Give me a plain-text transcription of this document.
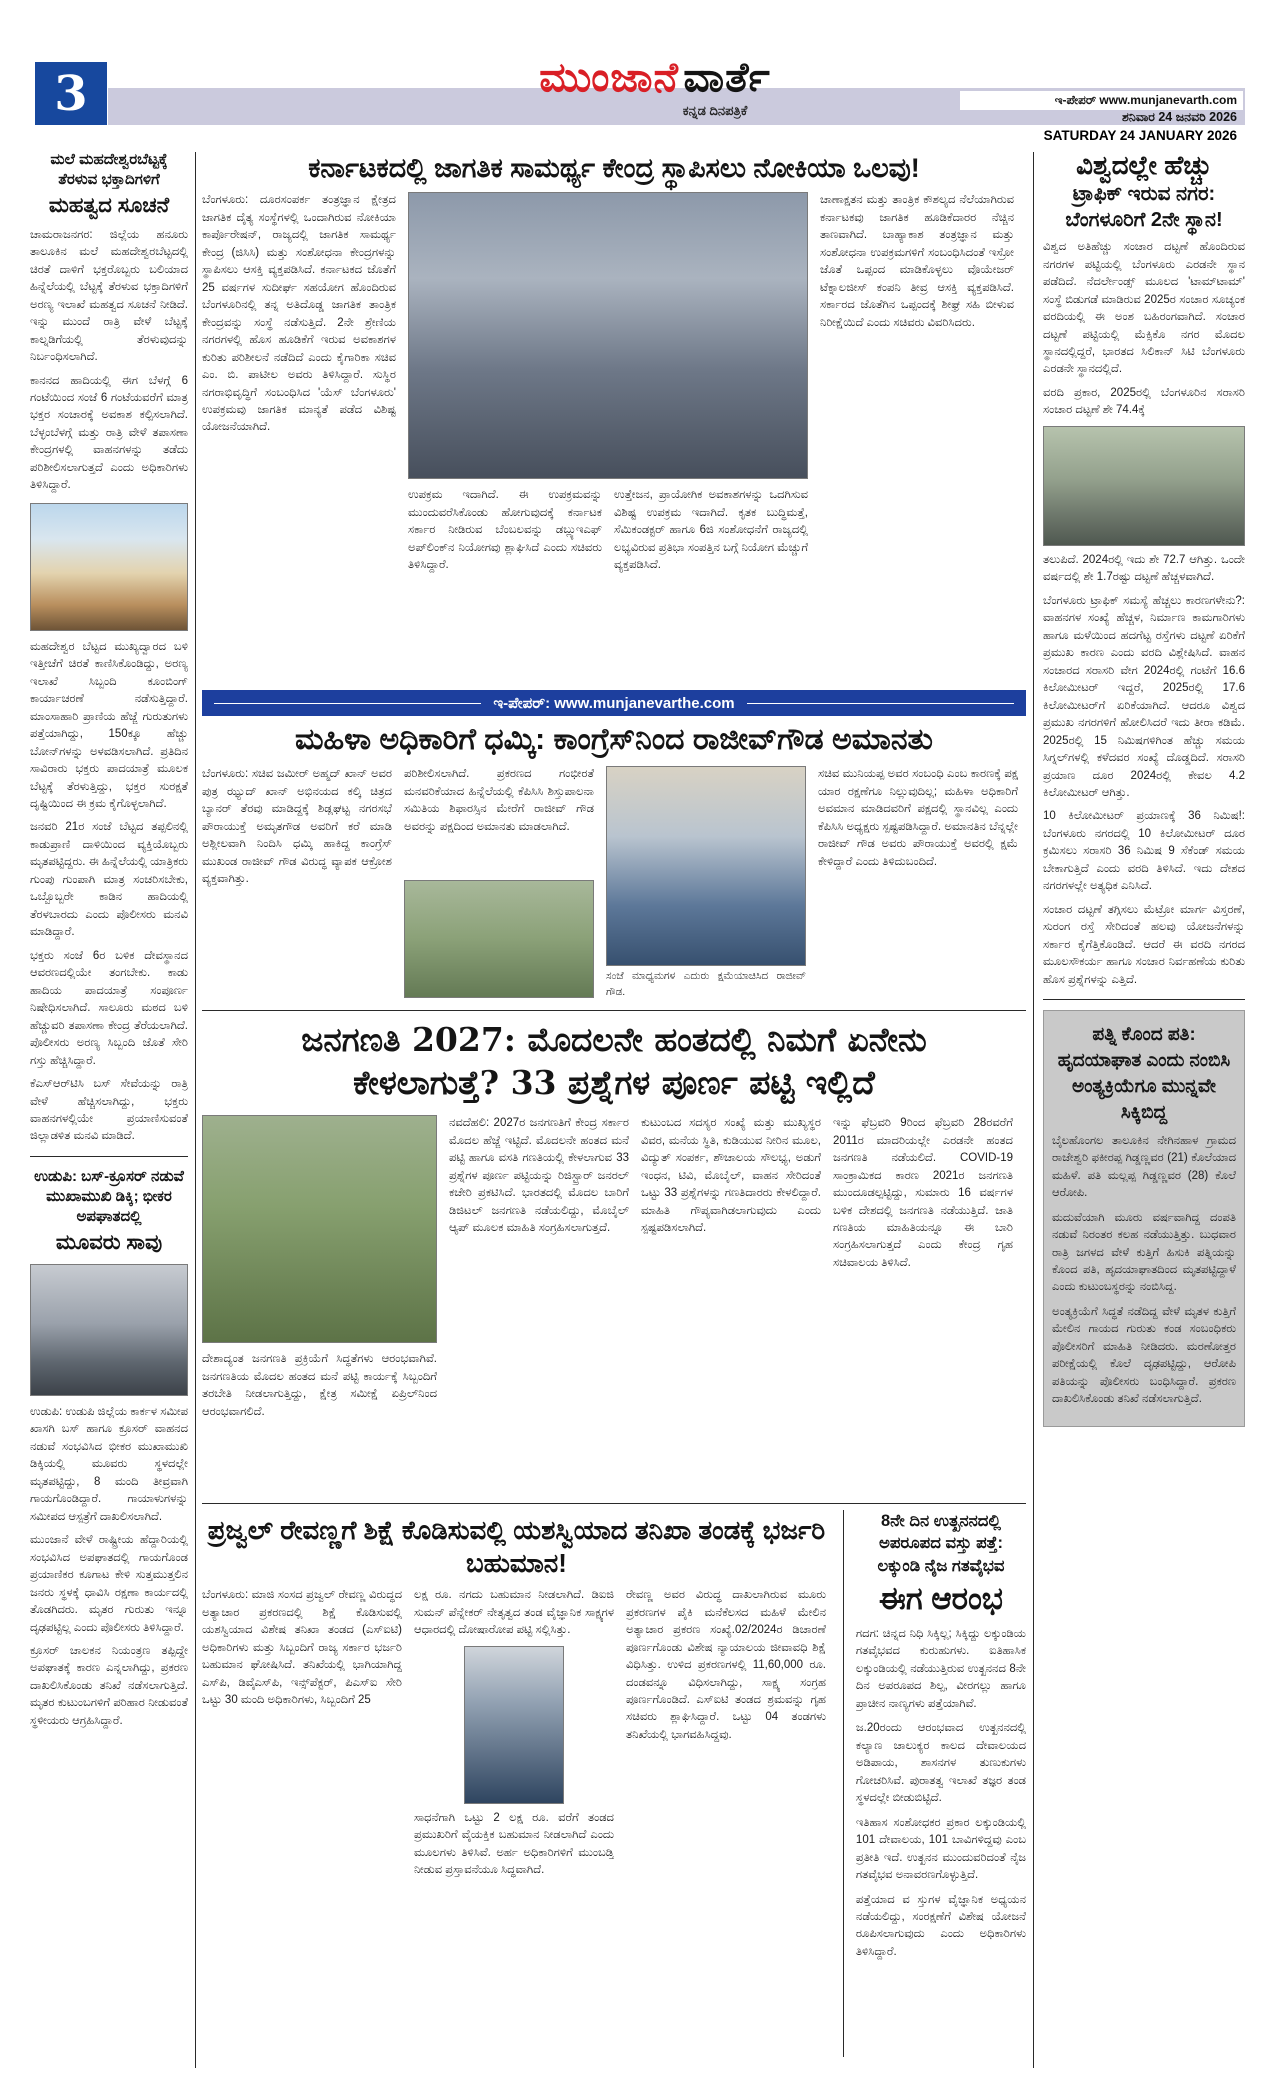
3	ಮುಂಜಾನೆ ವಾರ್ತೆ
ಕನ್ನಡ ದಿನಪತ್ರಿಕೆ
ಇ-ಪೇಪರ್ www.munjanevarth.com
ಶನಿವಾರ 24 ಜನವರಿ 2026
SATURDAY 24 JANUARY 2026
ಮಲೆ ಮಹದೇಶ್ವರಬೆಟ್ಟಕ್ಕೆ ತೆರಳುವ ಭಕ್ತಾದಿಗಳಿಗೆ
ಮಹತ್ವದ ಸೂಚನೆ
ಚಾಮರಾಜನಗರ: ಜಿಲ್ಲೆಯ ಹನೂರು ತಾಲೂಕಿನ ಮಲೆ ಮಹದೇಶ್ವರಬೆಟ್ಟದಲ್ಲಿ ಚಿರತೆ ದಾಳಿಗೆ ಭಕ್ತರೊಬ್ಬರು ಬಲಿಯಾದ ಹಿನ್ನೆಲೆಯಲ್ಲಿ ಬೆಟ್ಟಕ್ಕೆ ತೆರಳುವ ಭಕ್ತಾದಿಗಳಿಗೆ ಅರಣ್ಯ ಇಲಾಖೆ ಮಹತ್ವದ ಸೂಚನೆ ನೀಡಿದೆ. ಇನ್ನು ಮುಂದೆ ರಾತ್ರಿ ವೇಳೆ ಬೆಟ್ಟಕ್ಕೆ ಕಾಲ್ನಡಿಗೆಯಲ್ಲಿ ತೆರಳುವುದನ್ನು ನಿರ್ಬಂಧಿಸಲಾಗಿದೆ.
ಕಾನನದ ಹಾದಿಯಲ್ಲಿ ಈಗ ಬೆಳಗ್ಗೆ 6 ಗಂಟೆಯಿಂದ ಸಂಜೆ 6 ಗಂಟೆಯವರೆಗೆ ಮಾತ್ರ ಭಕ್ತರ ಸಂಚಾರಕ್ಕೆ ಅವಕಾಶ ಕಲ್ಪಿಸಲಾಗಿದೆ. ಬೆಳ್ಳಂಬೆಳಗ್ಗೆ ಮತ್ತು ರಾತ್ರಿ ವೇಳೆ ತಪಾಸಣಾ ಕೇಂದ್ರಗಳಲ್ಲಿ ವಾಹನಗಳನ್ನು ತಡೆದು ಪರಿಶೀಲಿಸಲಾಗುತ್ತದೆ ಎಂದು ಅಧಿಕಾರಿಗಳು ತಿಳಿಸಿದ್ದಾರೆ.
ಮಹದೇಶ್ವರ ಬೆಟ್ಟದ ಮುಖ್ಯದ್ವಾರದ ಬಳಿ ಇತ್ತೀಚೆಗೆ ಚಿರತೆ ಕಾಣಿಸಿಕೊಂಡಿದ್ದು, ಅರಣ್ಯ ಇಲಾಖೆ ಸಿಬ್ಬಂದಿ ಕೂಂಬಿಂಗ್ ಕಾರ್ಯಾಚರಣೆ ನಡೆಸುತ್ತಿದ್ದಾರೆ. ಮಾಂಸಾಹಾರಿ ಪ್ರಾಣಿಯ ಹೆಜ್ಜೆ ಗುರುತುಗಳು ಪತ್ತೆಯಾಗಿದ್ದು, 150ಕ್ಕೂ ಹೆಚ್ಚು ಬೋನ್‌ಗಳನ್ನು ಅಳವಡಿಸಲಾಗಿದೆ. ಪ್ರತಿದಿನ ಸಾವಿರಾರು ಭಕ್ತರು ಪಾದಯಾತ್ರೆ ಮೂಲಕ ಬೆಟ್ಟಕ್ಕೆ ತೆರಳುತ್ತಿದ್ದು, ಭಕ್ತರ ಸುರಕ್ಷತೆ ದೃಷ್ಟಿಯಿಂದ ಈ ಕ್ರಮ ಕೈಗೊಳ್ಳಲಾಗಿದೆ.
ಜನವರಿ 21ರ ಸಂಜೆ ಬೆಟ್ಟದ ತಪ್ಪಲಿನಲ್ಲಿ ಕಾಡುಪ್ರಾಣಿ ದಾಳಿಯಿಂದ ವ್ಯಕ್ತಿಯೊಬ್ಬರು ಮೃತಪಟ್ಟಿದ್ದರು. ಈ ಹಿನ್ನೆಲೆಯಲ್ಲಿ ಯಾತ್ರಿಕರು ಗುಂಪು ಗುಂಪಾಗಿ ಮಾತ್ರ ಸಂಚರಿಸಬೇಕು, ಒಬ್ಬೊಬ್ಬರೇ ಕಾಡಿನ ಹಾದಿಯಲ್ಲಿ ತೆರಳಬಾರದು ಎಂದು ಪೊಲೀಸರು ಮನವಿ ಮಾಡಿದ್ದಾರೆ.
ಭಕ್ತರು ಸಂಜೆ 6ರ ಬಳಿಕ ದೇವಸ್ಥಾನದ ಆವರಣದಲ್ಲಿಯೇ ತಂಗಬೇಕು. ಕಾಡು ಹಾದಿಯ ಪಾದಯಾತ್ರೆ ಸಂಪೂರ್ಣ ನಿಷೇಧಿಸಲಾಗಿದೆ. ಸಾಲೂರು ಮಠದ ಬಳಿ ಹೆಚ್ಚುವರಿ ತಪಾಸಣಾ ಕೇಂದ್ರ ತೆರೆಯಲಾಗಿದೆ. ಪೊಲೀಸರು ಅರಣ್ಯ ಸಿಬ್ಬಂದಿ ಜೊತೆ ಸೇರಿ ಗಸ್ತು ಹೆಚ್ಚಿಸಿದ್ದಾರೆ.
ಕೆಎಸ್ಆರ್‌ಟಿಸಿ ಬಸ್ ಸೇವೆಯನ್ನು ರಾತ್ರಿ ವೇಳೆ ಹೆಚ್ಚಿಸಲಾಗಿದ್ದು, ಭಕ್ತರು ವಾಹನಗಳಲ್ಲಿಯೇ ಪ್ರಯಾಣಿಸುವಂತೆ ಜಿಲ್ಲಾಡಳಿತ ಮನವಿ ಮಾಡಿದೆ.
ಉಡುಪಿ: ಬಸ್-ಕ್ರೂಸರ್ ನಡುವೆ ಮುಖಾಮುಖಿ ಡಿಕ್ಕಿ; ಭೀಕರ ಅಪಘಾತದಲ್ಲಿ
ಮೂವರು ಸಾವು
ಉಡುಪಿ: ಉಡುಪಿ ಜಿಲ್ಲೆಯ ಕಾರ್ಕಳ ಸಮೀಪ ಖಾಸಗಿ ಬಸ್ ಹಾಗೂ ಕ್ರೂಸರ್ ವಾಹನದ ನಡುವೆ ಸಂಭವಿಸಿದ ಭೀಕರ ಮುಖಾಮುಖಿ ಡಿಕ್ಕಿಯಲ್ಲಿ ಮೂವರು ಸ್ಥಳದಲ್ಲೇ ಮೃತಪಟ್ಟಿದ್ದು, 8 ಮಂದಿ ತೀವ್ರವಾಗಿ ಗಾಯಗೊಂಡಿದ್ದಾರೆ. ಗಾಯಾಳುಗಳನ್ನು ಸಮೀಪದ ಆಸ್ಪತ್ರೆಗೆ ದಾಖಲಿಸಲಾಗಿದೆ.
ಮುಂಜಾನೆ ವೇಳೆ ರಾಷ್ಟ್ರೀಯ ಹೆದ್ದಾರಿಯಲ್ಲಿ ಸಂಭವಿಸಿದ ಅಪಘಾತದಲ್ಲಿ ಗಾಯಗೊಂಡ ಪ್ರಯಾಣಿಕರ ಕೂಗಾಟ ಕೇಳಿ ಸುತ್ತಮುತ್ತಲಿನ ಜನರು ಸ್ಥಳಕ್ಕೆ ಧಾವಿಸಿ ರಕ್ಷಣಾ ಕಾರ್ಯದಲ್ಲಿ ತೊಡಗಿದರು. ಮೃತರ ಗುರುತು ಇನ್ನೂ ದೃಢಪಟ್ಟಿಲ್ಲ ಎಂದು ಪೊಲೀಸರು ತಿಳಿಸಿದ್ದಾರೆ.
ಕ್ರೂಸರ್ ಚಾಲಕನ ನಿಯಂತ್ರಣ ತಪ್ಪಿದ್ದೇ ಅಪಘಾತಕ್ಕೆ ಕಾರಣ ಎನ್ನಲಾಗಿದ್ದು, ಪ್ರಕರಣ ದಾಖಲಿಸಿಕೊಂಡು ತನಿಖೆ ನಡೆಸಲಾಗುತ್ತಿದೆ. ಮೃತರ ಕುಟುಂಬಗಳಿಗೆ ಪರಿಹಾರ ನೀಡುವಂತೆ ಸ್ಥಳೀಯರು ಆಗ್ರಹಿಸಿದ್ದಾರೆ.
ಕರ್ನಾಟಕದಲ್ಲಿ ಜಾಗತಿಕ ಸಾಮರ್ಥ್ಯ ಕೇಂದ್ರ ಸ್ಥಾಪಿಸಲು ನೋಕಿಯಾ ಒಲವು!
ಬೆಂಗಳೂರು: ದೂರಸಂಪರ್ಕ ತಂತ್ರಜ್ಞಾನ ಕ್ಷೇತ್ರದ ಜಾಗತಿಕ ದೈತ್ಯ ಸಂಸ್ಥೆಗಳಲ್ಲಿ ಒಂದಾಗಿರುವ ನೋಕಿಯಾ ಕಾರ್ಪೊರೇಷನ್, ರಾಜ್ಯದಲ್ಲಿ ಜಾಗತಿಕ ಸಾಮರ್ಥ್ಯ ಕೇಂದ್ರ (ಜಿಸಿಸಿ) ಮತ್ತು ಸಂಶೋಧನಾ ಕೇಂದ್ರಗಳನ್ನು ಸ್ಥಾಪಿಸಲು ಆಸಕ್ತಿ ವ್ಯಕ್ತಪಡಿಸಿದೆ. ಕರ್ನಾಟಕದ ಜೊತೆಗೆ 25 ವರ್ಷಗಳ ಸುದೀರ್ಘ ಸಹಯೋಗ ಹೊಂದಿರುವ ಬೆಂಗಳೂರಿನಲ್ಲಿ ತನ್ನ ಅತಿದೊಡ್ಡ ಜಾಗತಿಕ ತಾಂತ್ರಿಕ ಕೇಂದ್ರವನ್ನು ಸಂಸ್ಥೆ ನಡೆಸುತ್ತಿದೆ. 2ನೇ ಶ್ರೇಣಿಯ ನಗರಗಳಲ್ಲಿ ಹೊಸ ಹೂಡಿಕೆಗೆ ಇರುವ ಅವಕಾಶಗಳ ಕುರಿತು ಪರಿಶೀಲನೆ ನಡೆದಿದೆ ಎಂದು ಕೈಗಾರಿಕಾ ಸಚಿವ ಎಂ. ಬಿ. ಪಾಟೀಲ ಅವರು ತಿಳಿಸಿದ್ದಾರೆ. ಸುಸ್ಥಿರ ನಗರಾಭಿವೃದ್ಧಿಗೆ ಸಂಬಂಧಿಸಿದ 'ಯೆಸ್ ಬೆಂಗಳೂರು' ಉಪಕ್ರಮವು ಜಾಗತಿಕ ಮಾನ್ಯತೆ ಪಡೆದ ವಿಶಿಷ್ಟ ಯೋಜನೆಯಾಗಿದೆ.
ಉಪಕ್ರಮ ಇದಾಗಿದೆ. ಈ ಉಪಕ್ರಮವನ್ನು ಮುಂದುವರೆಸಿಕೊಂಡು ಹೋಗುವುದಕ್ಕೆ ಕರ್ನಾಟಕ ಸರ್ಕಾರ ನೀಡಿರುವ ಬೆಂಬಲವನ್ನು ಡಬ್ಲ್ಯುಇಎಫ್ ಅಪ್‌ಲಿಂಕ್‌ನ ನಿಯೋಗವು ಶ್ಲಾಘಿಸಿದೆ ಎಂದು ಸಚಿವರು ತಿಳಿಸಿದ್ದಾರೆ.
ಉತ್ತೇಜನ, ಪ್ರಾಯೋಗಿಕ ಅವಕಾಶಗಳನ್ನು ಒದಗಿಸುವ ವಿಶಿಷ್ಟ ಉಪಕ್ರಮ ಇದಾಗಿದೆ. ಕೃತಕ ಬುದ್ಧಿಮತ್ತೆ, ಸೆಮಿಕಂಡಕ್ಟರ್ ಹಾಗೂ 6ಜಿ ಸಂಶೋಧನೆಗೆ ರಾಜ್ಯದಲ್ಲಿ ಲಭ್ಯವಿರುವ ಪ್ರತಿಭಾ ಸಂಪತ್ತಿನ ಬಗ್ಗೆ ನಿಯೋಗ ಮೆಚ್ಚುಗೆ ವ್ಯಕ್ತಪಡಿಸಿದೆ.
ಚಾಣಾಕ್ಷತನ ಮತ್ತು ತಾಂತ್ರಿಕ ಕೌಶಲ್ಯದ ನೆಲೆಯಾಗಿರುವ ಕರ್ನಾಟಕವು ಜಾಗತಿಕ ಹೂಡಿಕೆದಾರರ ನೆಚ್ಚಿನ ತಾಣವಾಗಿದೆ. ಬಾಹ್ಯಾಕಾಶ ತಂತ್ರಜ್ಞಾನ ಮತ್ತು ಸಂಶೋಧನಾ ಉಪಕ್ರಮಗಳಿಗೆ ಸಂಬಂಧಿಸಿದಂತೆ ಇಸ್ರೋ ಜೊತೆ ಒಪ್ಪಂದ ಮಾಡಿಕೊಳ್ಳಲು ವೊಯೇಜರ್ ಟೆಕ್ನಾಲಜೀಸ್ ಕಂಪನಿ ತೀವ್ರ ಆಸಕ್ತಿ ವ್ಯಕ್ತಪಡಿಸಿದೆ. ಸರ್ಕಾರದ ಜೊತೆಗಿನ ಒಪ್ಪಂದಕ್ಕೆ ಶೀಘ್ರ ಸಹಿ ಬೀಳುವ ನಿರೀಕ್ಷೆಯಿದೆ ಎಂದು ಸಚಿವರು ವಿವರಿಸಿದರು.
ಇ-ಪೇಪರ್: www.munjanevarthe.com
ಮಹಿಳಾ ಅಧಿಕಾರಿಗೆ ಧಮ್ಕಿ: ಕಾಂಗ್ರೆಸ್‌ನಿಂದ ರಾಜೀವ್‌ಗೌಡ ಅಮಾನತು
ಬೆಂಗಳೂರು: ಸಚಿವ ಜಮೀರ್ ಅಹ್ಮದ್ ಖಾನ್ ಅವರ ಪುತ್ರ ಝ್ಯುದ್ ಖಾನ್ ಅಭಿನಯದ ಕಲ್ಕಿ ಚಿತ್ರದ ಬ್ಯಾನರ್ ತೆರವು ಮಾಡಿದ್ದಕ್ಕೆ ಶಿಡ್ಲಘಟ್ಟ ನಗರಸಭೆ ಪೌರಾಯುಕ್ತೆ ಅಮೃತಗೌಡ ಅವರಿಗೆ ಕರೆ ಮಾಡಿ ಅಶ್ಲೀಲವಾಗಿ ನಿಂದಿಸಿ ಧಮ್ಕಿ ಹಾಕಿದ್ದ ಕಾಂಗ್ರೆಸ್ ಮುಖಂಡ ರಾಜೀವ್ ಗೌಡ ವಿರುದ್ಧ ವ್ಯಾಪಕ ಆಕ್ರೋಶ ವ್ಯಕ್ತವಾಗಿತ್ತು.
ಪರಿಶೀಲಿಸಲಾಗಿದೆ. ಪ್ರಕರಣದ ಗಂಭೀರತೆ ಮನವರಿಕೆಯಾದ ಹಿನ್ನೆಲೆಯಲ್ಲಿ ಕೆಪಿಸಿಸಿ ಶಿಸ್ತುಪಾಲನಾ ಸಮಿತಿಯ ಶಿಫಾರಸ್ಸಿನ ಮೇರೆಗೆ ರಾಜೀವ್ ಗೌಡ ಅವರನ್ನು ಪಕ್ಷದಿಂದ ಅಮಾನತು ಮಾಡಲಾಗಿದೆ.
ಸಂಜೆ ಮಾಧ್ಯಮಗಳ ಎದುರು ಕ್ಷಮೆಯಾಚಿಸಿದ ರಾಜೀವ್ ಗೌಡ.
ಸಚಿವ ಮುನಿಯಪ್ಪ ಅವರ ಸಂಬಂಧಿ ಎಂಬ ಕಾರಣಕ್ಕೆ ಪಕ್ಷ ಯಾರ ರಕ್ಷಣೆಗೂ ನಿಲ್ಲುವುದಿಲ್ಲ; ಮಹಿಳಾ ಅಧಿಕಾರಿಗೆ ಅವಮಾನ ಮಾಡಿದವರಿಗೆ ಪಕ್ಷದಲ್ಲಿ ಸ್ಥಾನವಿಲ್ಲ ಎಂದು ಕೆಪಿಸಿಸಿ ಅಧ್ಯಕ್ಷರು ಸ್ಪಷ್ಟಪಡಿಸಿದ್ದಾರೆ. ಅಮಾನತಿನ ಬೆನ್ನಲ್ಲೇ ರಾಜೀವ್ ಗೌಡ ಅವರು ಪೌರಾಯುಕ್ತೆ ಅವರಲ್ಲಿ ಕ್ಷಮೆ ಕೇಳಿದ್ದಾರೆ ಎಂದು ತಿಳಿದುಬಂದಿದೆ.
ಜನಗಣತಿ 2027: ಮೊದಲನೇ ಹಂತದಲ್ಲಿ ನಿಮಗೆ ಏನೇನು
ಕೇಳಲಾಗುತ್ತೆ? 33 ಪ್ರಶ್ನೆಗಳ ಪೂರ್ಣ ಪಟ್ಟಿ ಇಲ್ಲಿದೆ
ದೇಶಾದ್ಯಂತ ಜನಗಣತಿ ಪ್ರಕ್ರಿಯೆಗೆ ಸಿದ್ಧತೆಗಳು ಆರಂಭವಾಗಿವೆ. ಜನಗಣತಿಯ ಮೊದಲ ಹಂತದ ಮನೆ ಪಟ್ಟಿ ಕಾರ್ಯಕ್ಕೆ ಸಿಬ್ಬಂದಿಗೆ ತರಬೇತಿ ನೀಡಲಾಗುತ್ತಿದ್ದು, ಕ್ಷೇತ್ರ ಸಮೀಕ್ಷೆ ಏಪ್ರಿಲ್‌ನಿಂದ ಆರಂಭವಾಗಲಿದೆ.
ನವದೆಹಲಿ: 2027ರ ಜನಗಣತಿಗೆ ಕೇಂದ್ರ ಸರ್ಕಾರ ಮೊದಲ ಹೆಜ್ಜೆ ಇಟ್ಟಿದೆ. ಮೊದಲನೇ ಹಂತದ ಮನೆ ಪಟ್ಟಿ ಹಾಗೂ ವಸತಿ ಗಣತಿಯಲ್ಲಿ ಕೇಳಲಾಗುವ 33 ಪ್ರಶ್ನೆಗಳ ಪೂರ್ಣ ಪಟ್ಟಿಯನ್ನು ರಿಜಿಸ್ಟ್ರಾರ್ ಜನರಲ್ ಕಚೇರಿ ಪ್ರಕಟಿಸಿದೆ. ಭಾರತದಲ್ಲಿ ಮೊದಲ ಬಾರಿಗೆ ಡಿಜಿಟಲ್ ಜನಗಣತಿ ನಡೆಯಲಿದ್ದು, ಮೊಬೈಲ್ ಆ್ಯಪ್ ಮೂಲಕ ಮಾಹಿತಿ ಸಂಗ್ರಹಿಸಲಾಗುತ್ತದೆ.
ಕುಟುಂಬದ ಸದಸ್ಯರ ಸಂಖ್ಯೆ ಮತ್ತು ಮುಖ್ಯಸ್ಥರ ವಿವರ, ಮನೆಯ ಸ್ಥಿತಿ, ಕುಡಿಯುವ ನೀರಿನ ಮೂಲ, ವಿದ್ಯುತ್ ಸಂಪರ್ಕ, ಶೌಚಾಲಯ ಸೌಲಭ್ಯ, ಅಡುಗೆ ಇಂಧನ, ಟಿವಿ, ಮೊಬೈಲ್, ವಾಹನ ಸೇರಿದಂತೆ ಒಟ್ಟು 33 ಪ್ರಶ್ನೆಗಳನ್ನು ಗಣತಿದಾರರು ಕೇಳಲಿದ್ದಾರೆ. ಮಾಹಿತಿ ಗೌಪ್ಯವಾಗಿಡಲಾಗುವುದು ಎಂದು ಸ್ಪಷ್ಟಪಡಿಸಲಾಗಿದೆ.
ಇನ್ನು ಫೆಬ್ರವರಿ 9ರಿಂದ ಫೆಬ್ರವರಿ 28ರವರೆಗೆ 2011ರ ಮಾದರಿಯಲ್ಲೇ ಎರಡನೇ ಹಂತದ ಜನಗಣತಿ ನಡೆಯಲಿದೆ. COVID-19 ಸಾಂಕ್ರಾಮಿಕದ ಕಾರಣ 2021ರ ಜನಗಣತಿ ಮುಂದೂಡಲ್ಪಟ್ಟಿದ್ದು, ಸುಮಾರು 16 ವರ್ಷಗಳ ಬಳಿಕ ದೇಶದಲ್ಲಿ ಜನಗಣತಿ ನಡೆಯುತ್ತಿದೆ. ಜಾತಿ ಗಣತಿಯ ಮಾಹಿತಿಯನ್ನೂ ಈ ಬಾರಿ ಸಂಗ್ರಹಿಸಲಾಗುತ್ತದೆ ಎಂದು ಕೇಂದ್ರ ಗೃಹ ಸಚಿವಾಲಯ ತಿಳಿಸಿದೆ.
ಪ್ರಜ್ವಲ್ ರೇವಣ್ಣಗೆ ಶಿಕ್ಷೆ ಕೊಡಿಸುವಲ್ಲಿ ಯಶಸ್ವಿಯಾದ ತನಿಖಾ ತಂಡಕ್ಕೆ ಭರ್ಜರಿ ಬಹುಮಾನ!
ಬೆಂಗಳೂರು: ಮಾಜಿ ಸಂಸದ ಪ್ರಜ್ವಲ್ ರೇವಣ್ಣ ವಿರುದ್ಧದ ಅತ್ಯಾಚಾರ ಪ್ರಕರಣದಲ್ಲಿ ಶಿಕ್ಷೆ ಕೊಡಿಸುವಲ್ಲಿ ಯಶಸ್ವಿಯಾದ ವಿಶೇಷ ತನಿಖಾ ತಂಡದ (ಎಸ್‌ಐಟಿ) ಅಧಿಕಾರಿಗಳು ಮತ್ತು ಸಿಬ್ಬಂದಿಗೆ ರಾಜ್ಯ ಸರ್ಕಾರ ಭರ್ಜರಿ ಬಹುಮಾನ ಘೋಷಿಸಿದೆ. ತನಿಖೆಯಲ್ಲಿ ಭಾಗಿಯಾಗಿದ್ದ ಎಸ್‌ಪಿ, ಡಿವೈಎಸ್‌ಪಿ, ಇನ್ಸ್‌ಪೆಕ್ಟರ್, ಪಿಎಸ್‌ಐ ಸೇರಿ ಒಟ್ಟು 30 ಮಂದಿ ಅಧಿಕಾರಿಗಳು, ಸಿಬ್ಬಂದಿಗೆ 25
ಲಕ್ಷ ರೂ. ನಗದು ಬಹುಮಾನ ನೀಡಲಾಗಿದೆ. ಡಿಐಜಿ ಸುಮನ್ ಪೆನ್ನೇಕರ್ ನೇತೃತ್ವದ ತಂಡ ವೈಜ್ಞಾನಿಕ ಸಾಕ್ಷ್ಯಗಳ ಆಧಾರದಲ್ಲಿ ದೋಷಾರೋಪ ಪಟ್ಟಿ ಸಲ್ಲಿಸಿತ್ತು.
ಸಾಧನೆಗಾಗಿ ಒಟ್ಟು 2 ಲಕ್ಷ ರೂ. ವರೆಗೆ ತಂಡದ ಪ್ರಮುಖರಿಗೆ ವೈಯಕ್ತಿಕ ಬಹುಮಾನ ನೀಡಲಾಗಿದೆ ಎಂದು ಮೂಲಗಳು ತಿಳಿಸಿವೆ. ಅರ್ಹ ಅಧಿಕಾರಿಗಳಿಗೆ ಮುಂಬಡ್ತಿ ನೀಡುವ ಪ್ರಸ್ತಾವನೆಯೂ ಸಿದ್ಧವಾಗಿದೆ.
ರೇವಣ್ಣ ಅವರ ವಿರುದ್ಧ ದಾಖಲಾಗಿರುವ ಮೂರು ಪ್ರಕರಣಗಳ ಪೈಕಿ ಮನೆಕೆಲಸದ ಮಹಿಳೆ ಮೇಲಿನ ಅತ್ಯಾಚಾರ ಪ್ರಕರಣ ಸಂಖ್ಯೆ.02/2024ರ ಡಿಚಾರಣೆ ಪೂರ್ಣಗೊಂಡು ವಿಶೇಷ ನ್ಯಾಯಾಲಯ ಜೀವಾವಧಿ ಶಿಕ್ಷೆ ವಿಧಿಸಿತ್ತು. ಉಳಿದ ಪ್ರಕರಣಗಳಲ್ಲಿ 11,60,000 ರೂ. ದಂಡವನ್ನೂ ವಿಧಿಸಲಾಗಿದ್ದು, ಸಾಕ್ಷ್ಯ ಸಂಗ್ರಹ ಪೂರ್ಣಗೊಂಡಿದೆ. ಎಸ್‌ಐಟಿ ತಂಡದ ಶ್ರಮವನ್ನು ಗೃಹ ಸಚಿವರು ಶ್ಲಾಘಿಸಿದ್ದಾರೆ. ಒಟ್ಟು 04 ತಂಡಗಳು ತನಿಖೆಯಲ್ಲಿ ಭಾಗವಹಿಸಿದ್ದವು.
8ನೇ ದಿನ ಉತ್ಖನನದಲ್ಲಿ
ಅಪರೂಪದ ವಸ್ತು ಪತ್ತೆ:
ಲಕ್ಕುಂಡಿ ನೈಜ ಗತವೈಭವ
ಈಗ ಆರಂಭ

ಗದಗ: ಚಿನ್ನದ ನಿಧಿ ಸಿಕ್ಕಿಲ್ಲ; ಸಿಕ್ಕಿದ್ದು ಲಕ್ಕುಂಡಿಯ ಗತವೈಭವದ ಕುರುಹುಗಳು. ಐತಿಹಾಸಿಕ ಲಕ್ಕುಂಡಿಯಲ್ಲಿ ನಡೆಯುತ್ತಿರುವ ಉತ್ಖನನದ 8ನೇ ದಿನ ಅಪರೂಪದ ಶಿಲ್ಪ, ವೀರಗಲ್ಲು ಹಾಗೂ ಪ್ರಾಚೀನ ನಾಣ್ಯಗಳು ಪತ್ತೆಯಾಗಿವೆ.

ಜ.20ರಂದು ಆರಂಭವಾದ ಉತ್ಖನನದಲ್ಲಿ ಕಲ್ಯಾಣ ಚಾಲುಕ್ಯರ ಕಾಲದ ದೇವಾಲಯದ ಅಡಿಪಾಯ, ಶಾಸನಗಳ ತುಣುಕುಗಳು ಗೋಚರಿಸಿವೆ. ಪುರಾತತ್ವ ಇಲಾಖೆ ತಜ್ಞರ ತಂಡ ಸ್ಥಳದಲ್ಲೇ ಬೀಡುಬಿಟ್ಟಿದೆ.

ಇತಿಹಾಸ ಸಂಶೋಧಕರ ಪ್ರಕಾರ ಲಕ್ಕುಂಡಿಯಲ್ಲಿ 101 ದೇವಾಲಯ, 101 ಬಾವಿಗಳಿದ್ದವು ಎಂಬ ಪ್ರತೀತಿ ಇದೆ. ಉತ್ಖನನ ಮುಂದುವರಿದಂತೆ ನೈಜ ಗತವೈಭವ ಅನಾವರಣಗೊಳ್ಳುತ್ತಿದೆ.

ಪತ್ತೆಯಾದ ವ ಸ್ತುಗಳ ವೈಜ್ಞಾನಿಕ ಅಧ್ಯಯನ ನಡೆಯಲಿದ್ದು, ಸಂರಕ್ಷಣೆಗೆ ವಿಶೇಷ ಯೋಜನೆ ರೂಪಿಸಲಾಗುವುದು ಎಂದು ಅಧಿಕಾರಿಗಳು ತಿಳಿಸಿದ್ದಾರೆ.

ವಿಶ್ವದಲ್ಲೇ ಹೆಚ್ಚು
ಟ್ರಾಫಿಕ್ ಇರುವ ನಗರ:
ಬೆಂಗಳೂರಿಗೆ 2ನೇ ಸ್ಥಾನ!
ವಿಶ್ವದ ಅತಿಹೆಚ್ಚು ಸಂಚಾರ ದಟ್ಟಣೆ ಹೊಂದಿರುವ ನಗರಗಳ ಪಟ್ಟಿಯಲ್ಲಿ ಬೆಂಗಳೂರು ಎರಡನೇ ಸ್ಥಾನ ಪಡೆದಿದೆ. ನೆದರ್ಲೇಂಡ್ಸ್ ಮೂಲದ 'ಟಾಮ್‌ಟಾಮ್' ಸಂಸ್ಥೆ ಬಿಡುಗಡೆ ಮಾಡಿರುವ 2025ರ ಸಂಚಾರ ಸೂಚ್ಯಂಕ ವರದಿಯಲ್ಲಿ ಈ ಅಂಶ ಬಹಿರಂಗವಾಗಿದೆ. ಸಂಚಾರ ದಟ್ಟಣೆ ಪಟ್ಟಿಯಲ್ಲಿ ಮೆಕ್ಸಿಕೊ ನಗರ ಮೊದಲ ಸ್ಥಾನದಲ್ಲಿದ್ದರೆ, ಭಾರತದ ಸಿಲಿಕಾನ್ ಸಿಟಿ ಬೆಂಗಳೂರು ಎರಡನೇ ಸ್ಥಾನದಲ್ಲಿದೆ.
ವರದಿ ಪ್ರಕಾರ, 2025ರಲ್ಲಿ ಬೆಂಗಳೂರಿನ ಸರಾಸರಿ ಸಂಚಾರ ದಟ್ಟಣೆ ಶೇ 74.4ಕ್ಕೆ
ತಲುಪಿದೆ. 2024ರಲ್ಲಿ ಇದು ಶೇ 72.7 ಆಗಿತ್ತು. ಒಂದೇ ವರ್ಷದಲ್ಲಿ ಶೇ 1.7ರಷ್ಟು ದಟ್ಟಣೆ ಹೆಚ್ಚಳವಾಗಿದೆ.
ಬೆಂಗಳೂರು ಟ್ರಾಫಿಕ್ ಸಮಸ್ಯೆ ಹೆಚ್ಚಲು ಕಾರಣಗಳೇನು?: ವಾಹನಗಳ ಸಂಖ್ಯೆ ಹೆಚ್ಚಳ, ನಿರ್ಮಾಣ ಕಾಮಗಾರಿಗಳು ಹಾಗೂ ಮಳೆಯಿಂದ ಹದಗೆಟ್ಟ ರಸ್ತೆಗಳು ದಟ್ಟಣೆ ಏರಿಕೆಗೆ ಪ್ರಮುಖ ಕಾರಣ ಎಂದು ವರದಿ ವಿಶ್ಲೇಷಿಸಿದೆ. ವಾಹನ ಸಂಚಾರದ ಸರಾಸರಿ ವೇಗ 2024ರಲ್ಲಿ ಗಂಟೆಗೆ 16.6 ಕಿಲೋಮೀಟರ್ ಇದ್ದರೆ, 2025ರಲ್ಲಿ 17.6 ಕಿಲೋಮೀಟರ್‌ಗೆ ಏರಿಕೆಯಾಗಿದೆ. ಆದರೂ ವಿಶ್ವದ ಪ್ರಮುಖ ನಗರಗಳಿಗೆ ಹೋಲಿಸಿದರೆ ಇದು ತೀರಾ ಕಡಿಮೆ. 2025ರಲ್ಲಿ 15 ನಿಮಿಷಗಳಿಗಿಂತ ಹೆಚ್ಚು ಸಮಯ ಸಿಗ್ನಲ್‌ಗಳಲ್ಲಿ ಕಳೆದವರ ಸಂಖ್ಯೆ ದೊಡ್ಡದಿದೆ. ಸರಾಸರಿ ಪ್ರಯಾಣ ದೂರ 2024ರಲ್ಲಿ ಕೇವಲ 4.2 ಕಿಲೋಮೀಟರ್ ಆಗಿತ್ತು.
10 ಕಿಲೋಮೀಟರ್ ಪ್ರಯಾಣಕ್ಕೆ 36 ನಿಮಿಷ!: ಬೆಂಗಳೂರು ನಗರದಲ್ಲಿ 10 ಕಿಲೋಮೀಟರ್ ದೂರ ಕ್ರಮಿಸಲು ಸರಾಸರಿ 36 ನಿಮಿಷ 9 ಸೆಕೆಂಡ್ ಸಮಯ ಬೇಕಾಗುತ್ತಿದೆ ಎಂದು ವರದಿ ತಿಳಿಸಿದೆ. ಇದು ದೇಶದ ನಗರಗಳಲ್ಲೇ ಅತ್ಯಧಿಕ ಎನಿಸಿದೆ.
ಸಂಚಾರ ದಟ್ಟಣೆ ತಗ್ಗಿಸಲು ಮೆಟ್ರೋ ಮಾರ್ಗ ವಿಸ್ತರಣೆ, ಸುರಂಗ ರಸ್ತೆ ಸೇರಿದಂತೆ ಹಲವು ಯೋಜನೆಗಳನ್ನು ಸರ್ಕಾರ ಕೈಗೆತ್ತಿಕೊಂಡಿದೆ. ಆದರೆ ಈ ವರದಿ ನಗರದ ಮೂಲಸೌಕರ್ಯ ಹಾಗೂ ಸಂಚಾರ ನಿರ್ವಹಣೆಯ ಕುರಿತು ಹೊಸ ಪ್ರಶ್ನೆಗಳನ್ನು ಎತ್ತಿದೆ.
ಪತ್ನಿ ಕೊಂದ ಪತಿ: ಹೃದಯಾಘಾತ ಎಂದು ನಂಬಿಸಿ ಅಂತ್ಯಕ್ರಿಯೆಗೂ ಮುನ್ನವೇ ಸಿಕ್ಕಿಬಿದ್ದ

ಬೈಲಹೊಂಗಲ ತಾಲೂಕಿನ ನೇಗಿನಹಾಳ ಗ್ರಾಮದ ರಾಜೇಶ್ವರಿ ಫಕೀರಪ್ಪ ಗಿಡ್ಡಣ್ಣವರ (21) ಕೊಲೆಯಾದ ಮಹಿಳೆ. ಪತಿ ಮಲ್ಲಪ್ಪ ಗಿಡ್ಡಣ್ಣವರ (28) ಕೊಲೆ ಆರೋಪಿ.

ಮದುವೆಯಾಗಿ ಮೂರು ವರ್ಷವಾಗಿದ್ದ ದಂಪತಿ ನಡುವೆ ನಿರಂತರ ಕಲಹ ನಡೆಯುತ್ತಿತ್ತು. ಬುಧವಾರ ರಾತ್ರಿ ಜಗಳದ ವೇಳೆ ಕುತ್ತಿಗೆ ಹಿಸುಕಿ ಪತ್ನಿಯನ್ನು ಕೊಂದ ಪತಿ, ಹೃದಯಾಘಾತದಿಂದ ಮೃತಪಟ್ಟಿದ್ದಾಳೆ ಎಂದು ಕುಟುಂಬಸ್ಥರನ್ನು ನಂಬಿಸಿದ್ದ.

ಅಂತ್ಯಕ್ರಿಯೆಗೆ ಸಿದ್ಧತೆ ನಡೆದಿದ್ದ ವೇಳೆ ಮೃತಳ ಕುತ್ತಿಗೆ ಮೇಲಿನ ಗಾಯದ ಗುರುತು ಕಂಡ ಸಂಬಂಧಿಕರು ಪೊಲೀಸರಿಗೆ ಮಾಹಿತಿ ನೀಡಿದರು. ಮರಣೋತ್ತರ ಪರೀಕ್ಷೆಯಲ್ಲಿ ಕೊಲೆ ದೃಢಪಟ್ಟಿದ್ದು, ಆರೋಪಿ ಪತಿಯನ್ನು ಪೊಲೀಸರು ಬಂಧಿಸಿದ್ದಾರೆ. ಪ್ರಕರಣ ದಾಖಲಿಸಿಕೊಂಡು ತನಿಖೆ ನಡೆಸಲಾಗುತ್ತಿದೆ.
